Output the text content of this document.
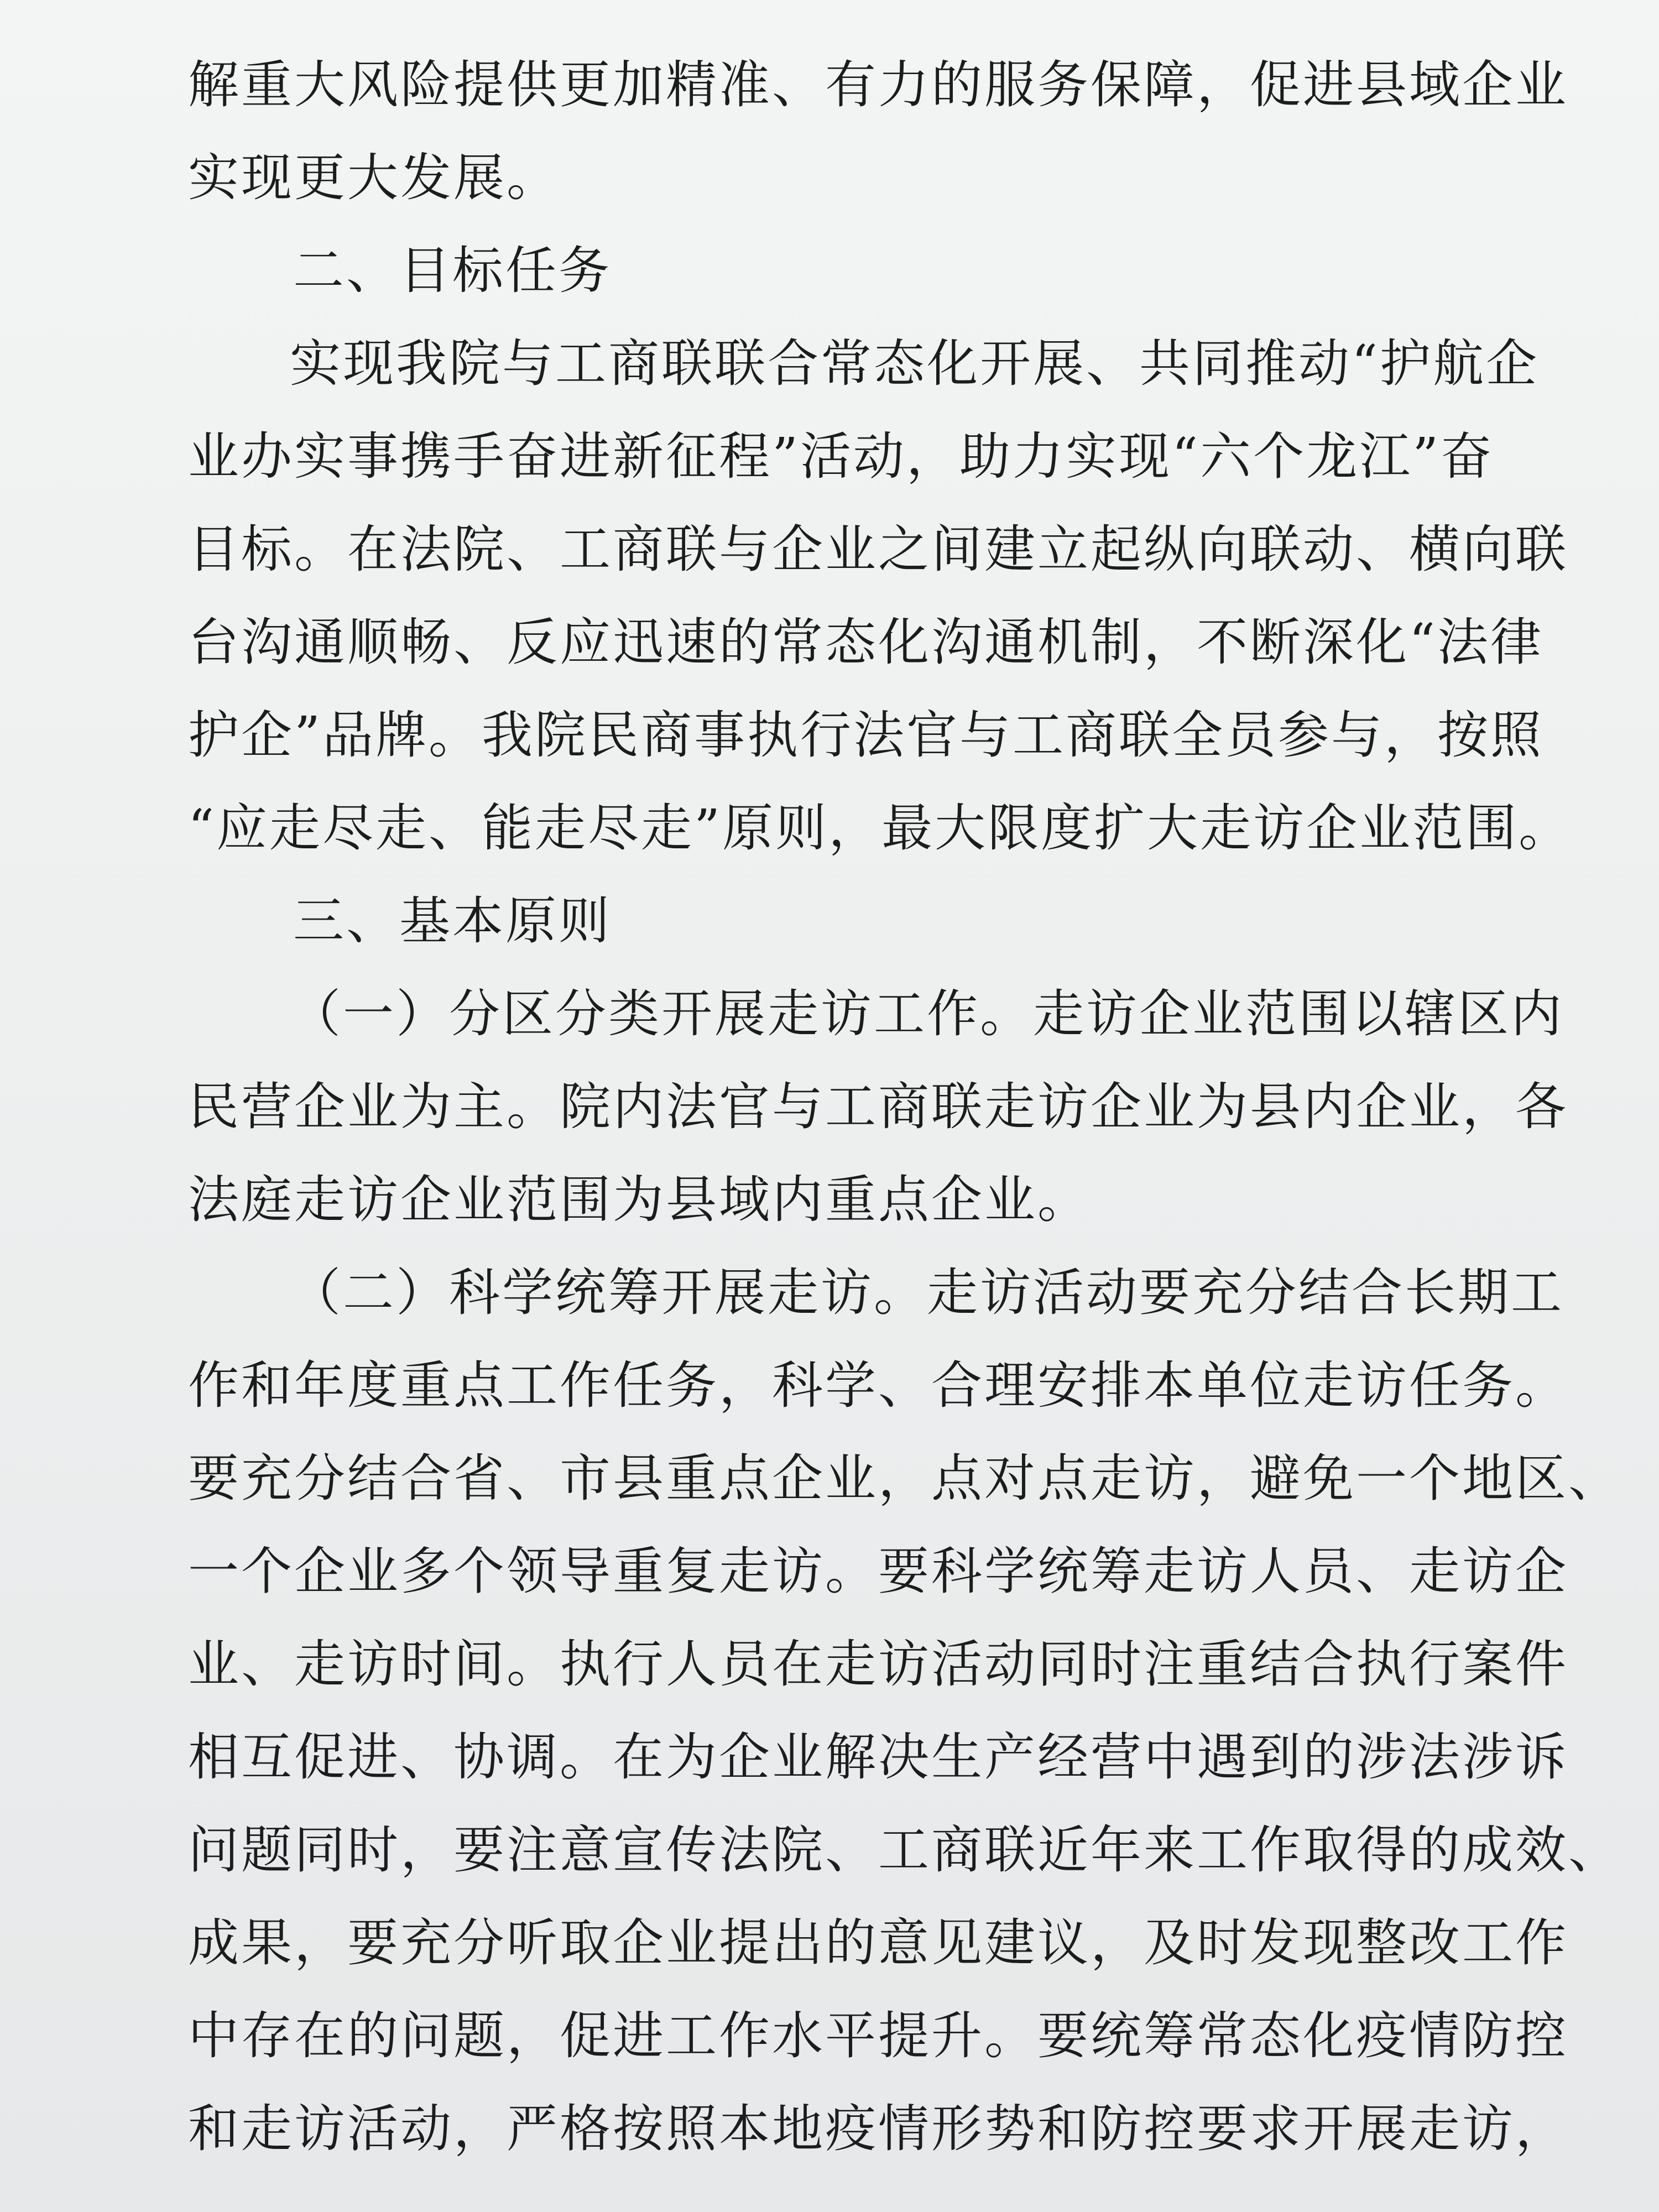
解重大风险提供更加精准、有力的服务保障，促进县域企业
实现更大发展。
二、目标任务
实现我院与工商联联合常态化开展、共同推动“护航企
业办实事携手奋进新征程”活动，助力实现“六个龙江”奋
目标。在法院、工商联与企业之间建立起纵向联动、横向联
台沟通顺畅、反应迅速的常态化沟通机制，不断深化“法律
护企”品牌。我院民商事执行法官与工商联全员参与，按照
“应走尽走、能走尽走”原则，最大限度扩大走访企业范围。
三、基本原则
（一）分区分类开展走访工作。走访企业范围以辖区内
民营企业为主。院内法官与工商联走访企业为县内企业，各
法庭走访企业范围为县域内重点企业。
（二）科学统筹开展走访。走访活动要充分结合长期工
作和年度重点工作任务，科学、合理安排本单位走访任务。
要充分结合省、市县重点企业，点对点走访，避免一个地区、
一个企业多个领导重复走访。要科学统筹走访人员、走访企
业、走访时间。执行人员在走访活动同时注重结合执行案件
相互促进、协调。在为企业解决生产经营中遇到的涉法涉诉
问题同时，要注意宣传法院、工商联近年来工作取得的成效、
成果，要充分听取企业提出的意见建议，及时发现整改工作
中存在的问题，促进工作水平提升。要统筹常态化疫情防控
和走访活动，严格按照本地疫情形势和防控要求开展走访，
